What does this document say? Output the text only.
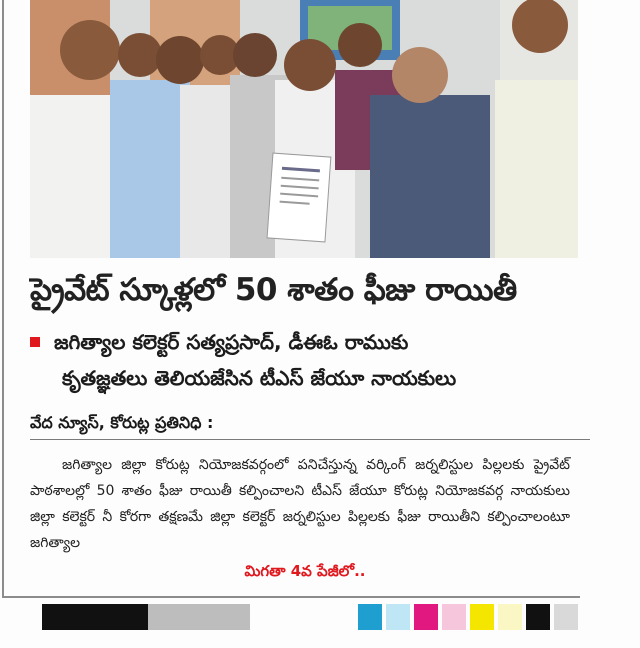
ప్రైవేట్ స్కూళ్లలో 50 శాతం ఫీజు రాయితీ
జగిత్యాల కలెక్టర్ సత్యప్రసాద్, డీఈఓ రాముకు
కృతజ్ఞతలు తెలియజేసిన టీఎస్ జేయూ నాయకులు
వేద న్యూస్, కోరుట్ల ప్రతినిధి :

జగిత్యాల జిల్లా కోరుట్ల నియోజకవర్గంలో పనిచేస్తున్న వర్కింగ్ జర్నలిస్టుల పిల్లలకు ప్రైవేట్ పాఠశాలల్లో 50 శాతం ఫీజు రాయితీ కల్పించాలని టీఎస్ జేయూ కోరుట్ల నియోజకవర్గ నాయకులు జిల్లా కలెక్టర్ నీ కోరగా తక్షణమే జిల్లా కలెక్టర్ జర్నలిస్టుల పిల్లలకు ఫీజు రాయితీని కల్పించాలంటూ జగిత్యాల

మిగతా 4వ పేజీలో..
